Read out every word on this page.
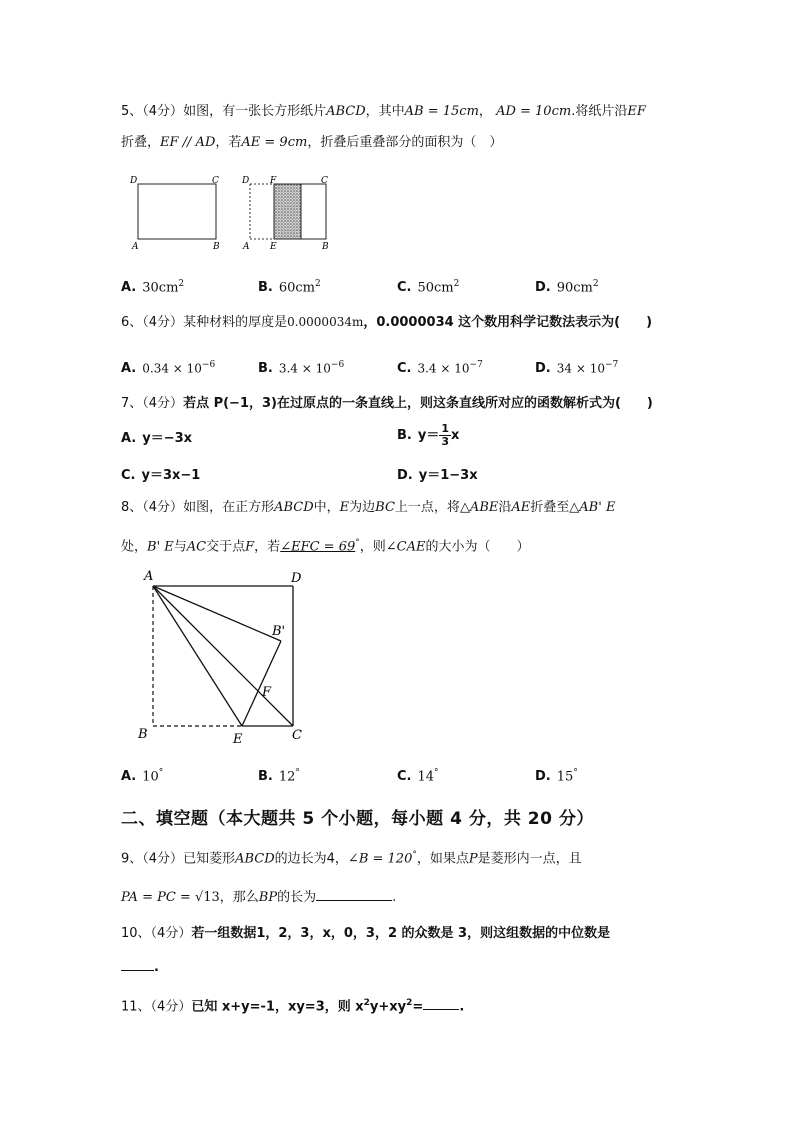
5、（4分）如图，有一张长方形纸片ABCD，其中AB = 15cm， AD = 10cm.将纸片沿EF
折叠，EF // AD，若AE = 9cm，折叠后重叠部分的面积为（　）
D	C
A	B
D F	C
A E	B
A. $30cm^2$	B. $60cm^2$	C. $50cm^2$	D. $90cm^2$
6、（4分）某种材料的厚度是0.0000034m，0.0000034 这个数用科学记数法表示为(　　)
A. $0.34 \times 10^{-6}$	B. $3.4 \times 10^{-6}$	C. $3.4 \times 10^{-7}$	D. $34 \times 10^{-7}$
7、（4分）若点 P(−1，3)在过原点的一条直线上，则这条直线所对应的函数解析式为(　　)
A. y＝−3x	B. $y= \frac{1}{3}$ x
C. y＝3x−1	D. y＝1−3x
8、（4分）如图，在正方形ABCD中，E为边BC上一点，将△ABE沿AE折叠至△AB' E
处，B' E与AC交于点F，若∠EFC = 69°，则∠CAE的大小为（　　）
A	D
B'
F
B	E	C
A. 10°	B. 12°	C. 14°	D. 15°
二、填空题（本大题共 5 个小题，每小题 4 分，共 20 分）
9、（4分）已知菱形ABCD的边长为4，∠B = 120°，如果点P是菱形内一点，且
PA = PC = √13，那么BP的长为	.
10、（4分）若一组数据1，2，3，x，0，3，2 的众数是 3，则这组数据的中位数是
.
11、（4分）已知 x+y=-1，xy=3，则 $x^2y+xy^2=$	.
